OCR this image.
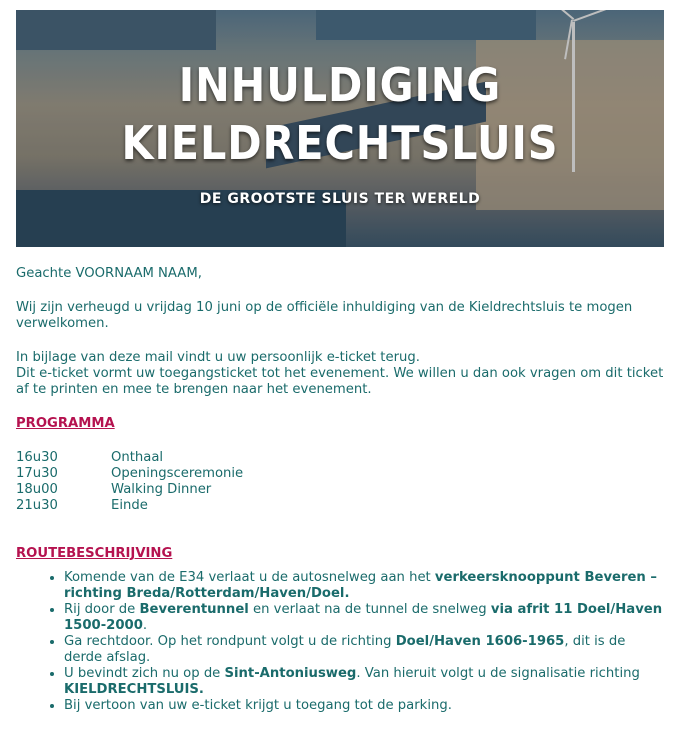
INHULDIGING
KIELDRECHTSLUIS
DE GROOTSTE SLUIS TER WERELD

Geachte VOORNAAM NAAM,

Wij zijn verheugd u vrijdag 10 juni op de officiële inhuldiging van de Kieldrechtsluis te mogen verwelkomen.

In bijlage van deze mail vindt u uw persoonlijk e-ticket terug.

Dit e-ticket vormt uw toegangsticket tot het evenement. We willen u dan ook vragen om dit ticket af te printen en mee te brengen naar het evenement.

PROGRAMMA

16u30	Onthaal
17u30	Openingsceremonie
18u00	Walking Dinner
21u30	Einde

ROUTEBESCHRIJVING

• Komende van de E34 verlaat u de autosnelweg aan het verkeersknooppunt Beveren – richting Breda/Rotterdam/Haven/Doel.
• Rij door de Beverentunnel en verlaat na de tunnel de snelweg via afrit 11 Doel/Haven 1500-2000.
• Ga rechtdoor. Op het rondpunt volgt u de richting Doel/Haven 1606-1965, dit is de derde afslag.
• U bevindt zich nu op de Sint-Antoniusweg. Van hieruit volgt u de signalisatie richting KIELDRECHTSLUIS.
• Bij vertoon van uw e-ticket krijgt u toegang tot de parking.
